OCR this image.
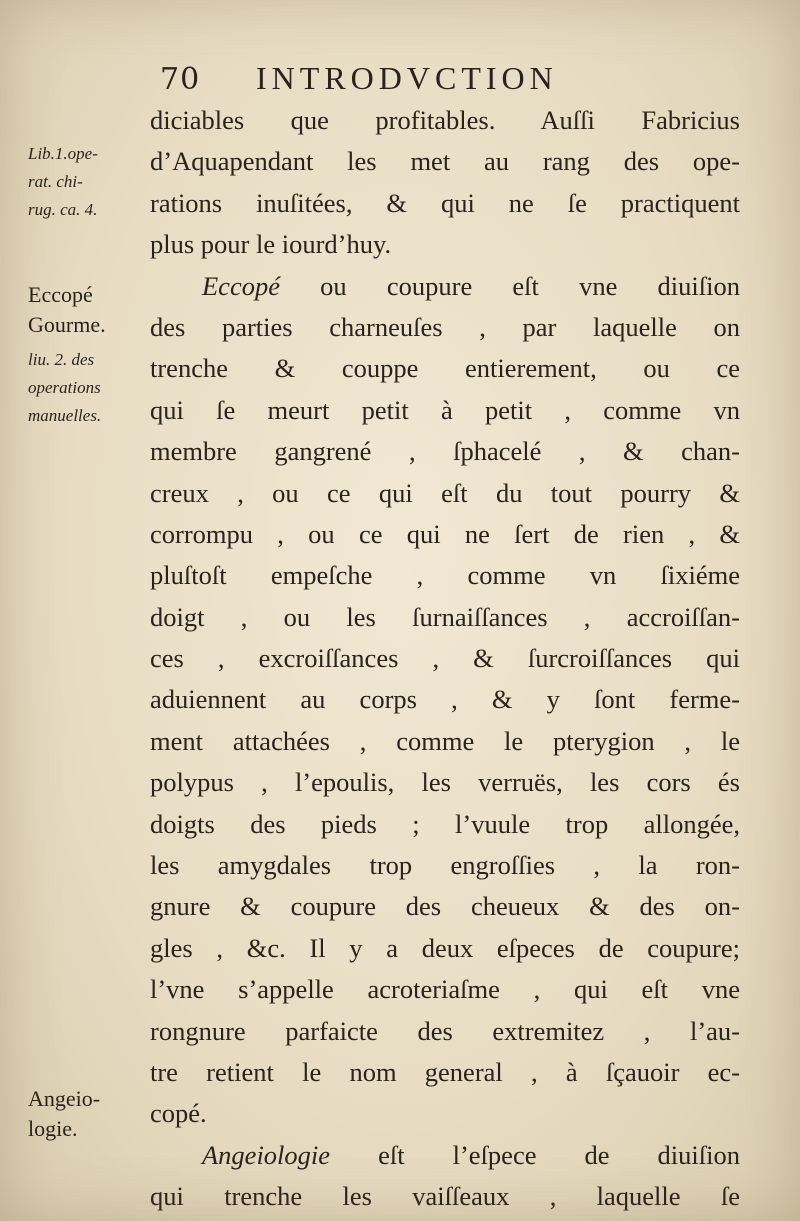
70 INTRODVCTION
Lib.1.ope-
rat. chi-
rug. ca. 4.
Eccopé
Gourme.
liu. 2. des
operations
manuelles.
Angeio-
logie.
diciables que profitables. Auſſi Fabricius
d’Aquapendant les met au rang des ope-
rations inuſitées, & qui ne ſe practiquent
plus pour le iourd’huy.
Eccopé ou coupure eſt vne diuiſion
des parties charneuſes , par laquelle on
trenche & couppe entierement, ou ce
qui ſe meurt petit à petit , comme vn
membre gangrené , ſphacelé , & chan-
creux , ou ce qui eſt du tout pourry &
corrompu , ou ce qui ne ſert de rien , &
pluſtoſt empeſche , comme vn ſixiéme
doigt , ou les ſurnaiſſances , accroiſſan-
ces , excroiſſances , & ſurcroiſſances qui
aduiennent au corps , & y ſont ferme-
ment attachées , comme le pterygion , le
polypus , l’epoulis, les verruës, les cors és
doigts des pieds ; l’vuule trop allongée,
les amygdales trop engroſſies , la ron-
gnure & coupure des cheueux & des on-
gles , &c. Il y a deux eſpeces de coupure;
l’vne s’appelle acroteriaſme , qui eſt vne
rongnure parfaicte des extremitez , l’au-
tre retient le nom general , à ſçauoir ec-
copé.
Angeiologie eſt l’eſpece de diuiſion
qui trenche les vaiſſeaux , laquelle ſe
